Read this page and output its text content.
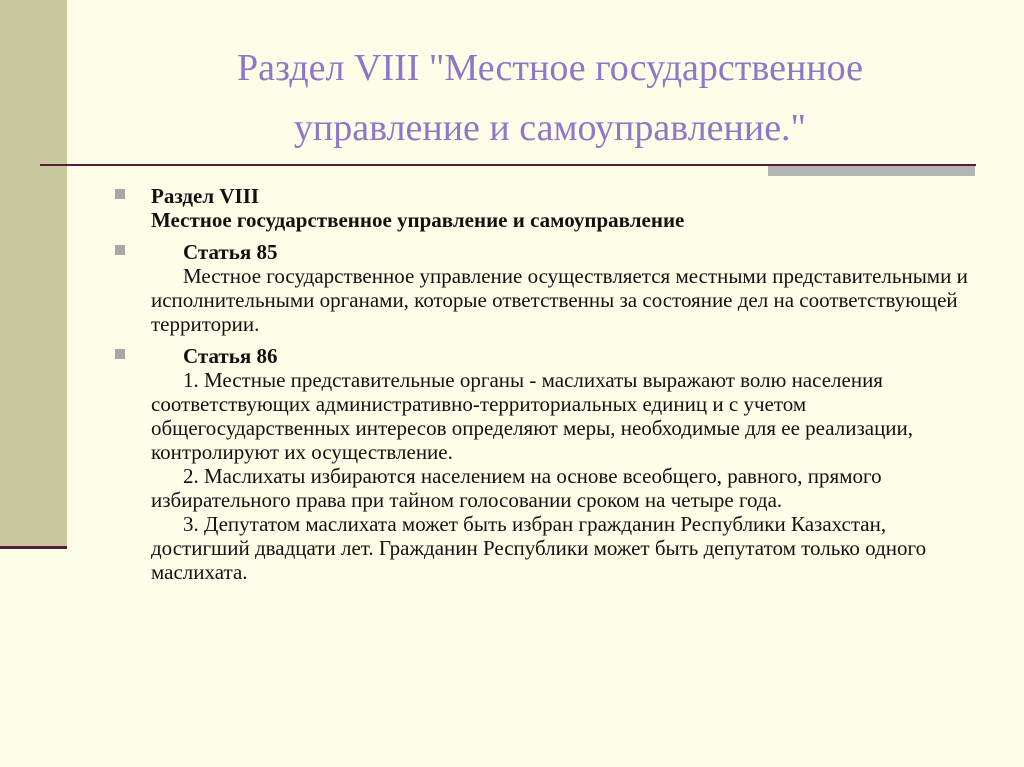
Раздел VIII "Местное государственное
управление и самоуправление."
Раздел VIII
Местное государственное управление и самоуправление
Статья 85
Местное государственное управление осуществляется местными представительными и исполнительными органами, которые ответственны за состояние дел на соответствующей территории.
Статья 86
1. Местные представительные органы - маслихаты выражают волю населения соответствующих административно-территориальных единиц и с учетом общегосударственных интересов определяют меры, необходимые для ее реализации, контролируют их осуществление.
2. Маслихаты избираются населением на основе всеобщего, равного, прямого избирательного права при тайном голосовании сроком на четыре года.
3. Депутатом маслихата может быть избран гражданин Республики Казахстан, достигший двадцати лет. Гражданин Республики может быть депутатом только одного маслихата.
